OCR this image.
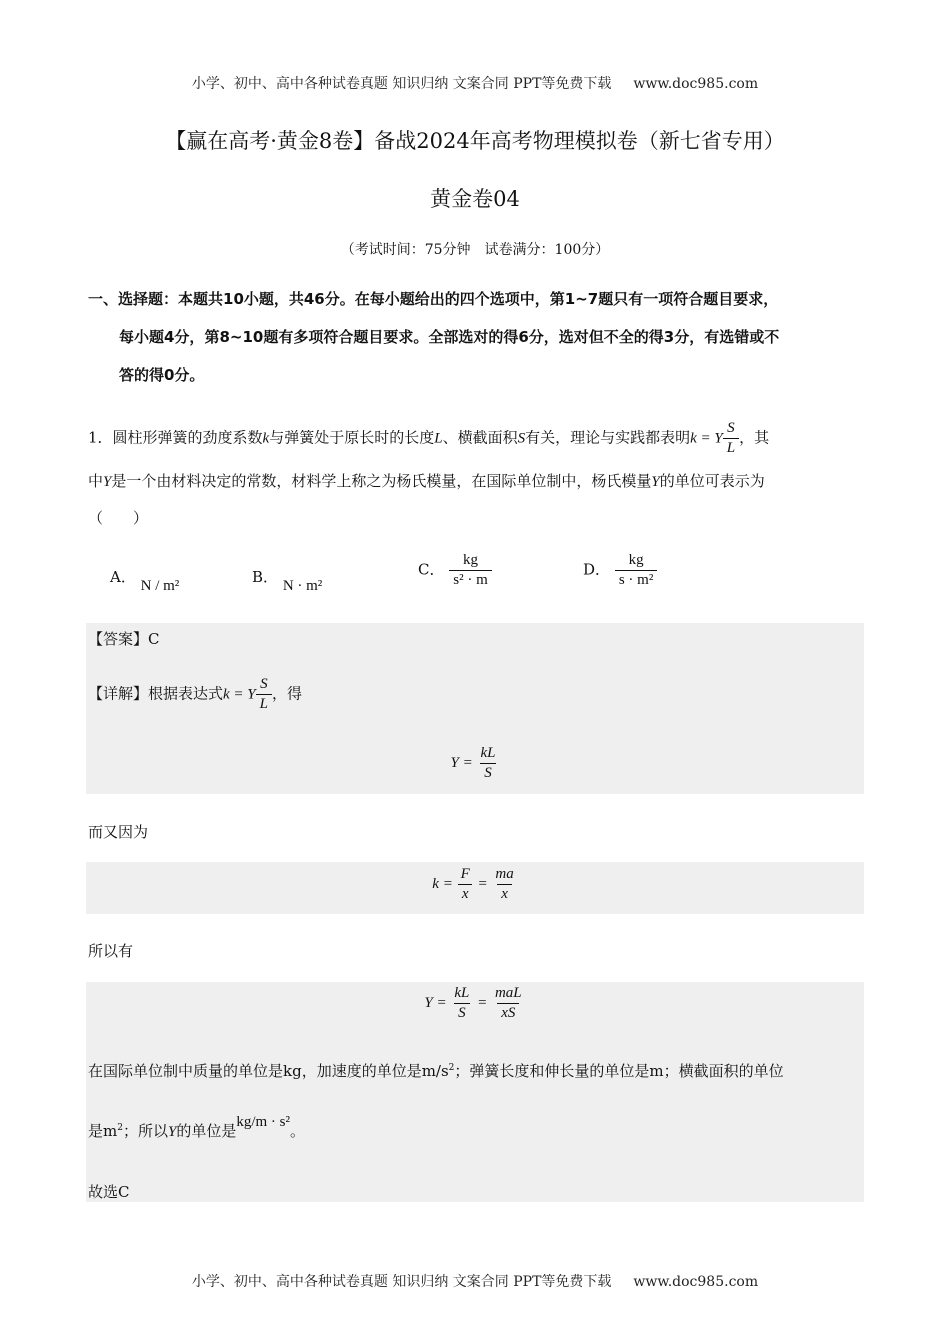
小学、初中、高中各种试卷真题 知识归纳 文案合同 PPT等免费下载 www.doc985.com
【赢在高考·黄金8卷】备战2024年高考物理模拟卷（新七省专用）
黄金卷04
（考试时间：75分钟　试卷满分：100分）
一、选择题：本题共10小题，共46分。在每小题给出的四个选项中，第1~7题只有一项符合题目要求，
每小题4分，第8~10题有多项符合题目要求。全部选对的得6分，选对但不全的得3分，有选错或不
答的得0分。
1．圆柱形弹簧的劲度系数k与弹簧处于原长时的长度L、横截面积S有关，理论与实践都表明k = Y $\frac{S}{L}$ ，其
中Y是一个由材料决定的常数，材料学上称之为杨氏模量，在国际单位制中，杨氏模量Y的单位可表示为
（　　）
A． N / m²	B． N · m²
C． $\frac{kg}{\text{s² · m}}$	D． $\frac{kg}{\text{s · m²}}$
【答案】C
【详解】根据表达式k = Y $\frac{S}{L}$ ，得
$Y = \frac{kL}{S}$
而又因为
$k = \frac{F}{x} = \frac{ma}{x}$
所以有
$Y = \frac{kL}{S} = \frac{\text{maL}}{xS}$
在国际单位制中质量的单位是kg，加速度的单位是$m/s^2$；弹簧长度和伸长量的单位是m；横截面积的单位
是$m^2$；所以Y的单位是kg/m · s²。
故选C
小学、初中、高中各种试卷真题 知识归纳 文案合同 PPT等免费下载 www.doc985.com
